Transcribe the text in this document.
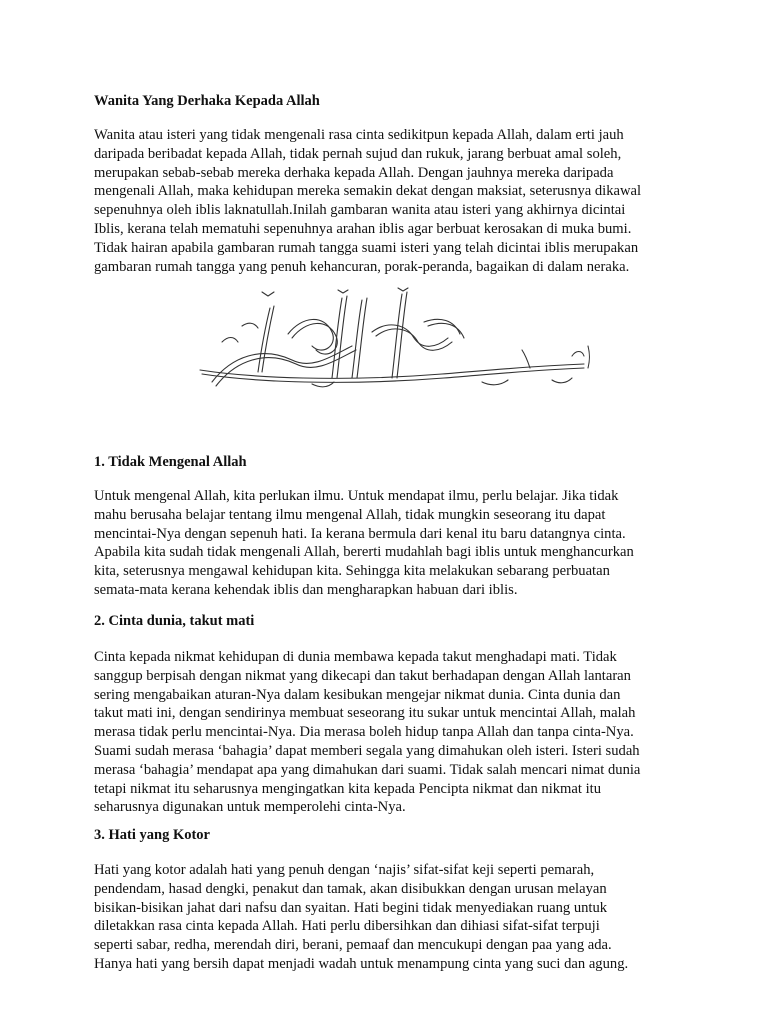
Wanita Yang Derhaka Kepada Allah

Wanita atau isteri yang tidak mengenali rasa cinta sedikitpun kepada Allah, dalam erti jauh
daripada beribadat kepada Allah, tidak pernah sujud dan rukuk, jarang berbuat amal soleh,
merupakan sebab-sebab mereka derhaka kepada Allah. Dengan jauhnya mereka daripada
mengenali Allah, maka kehidupan mereka semakin dekat dengan maksiat, seterusnya dikawal
sepenuhnya oleh iblis laknatullah.Inilah gambaran wanita atau isteri yang akhirnya dicintai
Iblis, kerana telah mematuhi sepenuhnya arahan iblis agar berbuat kerosakan di muka bumi.
Tidak hairan apabila gambaran rumah tangga suami isteri yang telah dicintai iblis merupakan
gambaran rumah tangga yang penuh kehancuran, porak-peranda, bagaikan di dalam neraka.

1. Tidak Mengenal Allah

Untuk mengenal Allah, kita perlukan ilmu. Untuk mendapat ilmu, perlu belajar. Jika tidak
mahu berusaha belajar tentang ilmu mengenal Allah, tidak mungkin seseorang itu dapat
mencintai-Nya dengan sepenuh hati. Ia kerana bermula dari kenal itu baru datangnya cinta.
Apabila kita sudah tidak mengenali Allah, bererti mudahlah bagi iblis untuk menghancurkan
kita, seterusnya mengawal kehidupan kita. Sehingga kita melakukan sebarang perbuatan
semata-mata kerana kehendak iblis dan mengharapkan habuan dari iblis.

2. Cinta dunia, takut mati

Cinta kepada nikmat kehidupan di dunia membawa kepada takut menghadapi mati. Tidak
sanggup berpisah dengan nikmat yang dikecapi dan takut berhadapan dengan Allah lantaran
sering mengabaikan aturan-Nya dalam kesibukan mengejar nikmat dunia. Cinta dunia dan
takut mati ini, dengan sendirinya membuat seseorang itu sukar untuk mencintai Allah, malah
merasa tidak perlu mencintai-Nya. Dia merasa boleh hidup tanpa Allah dan tanpa cinta-Nya.
Suami sudah merasa ‘bahagia’ dapat memberi segala yang dimahukan oleh isteri. Isteri sudah
merasa ‘bahagia’ mendapat apa yang dimahukan dari suami. Tidak salah mencari nimat dunia
tetapi nikmat itu seharusnya mengingatkan kita kepada Pencipta nikmat dan nikmat itu
seharusnya digunakan untuk memperolehi cinta-Nya.

3. Hati yang Kotor

Hati yang kotor adalah hati yang penuh dengan ‘najis’ sifat-sifat keji seperti pemarah,
pendendam, hasad dengki, penakut dan tamak, akan disibukkan dengan urusan melayan
bisikan-bisikan jahat dari nafsu dan syaitan. Hati begini tidak menyediakan ruang untuk
diletakkan rasa cinta kepada Allah. Hati perlu dibersihkan dan dihiasi sifat-sifat terpuji
seperti sabar, redha, merendah diri, berani, pemaaf dan mencukupi dengan paa yang ada.
Hanya hati yang bersih dapat menjadi wadah untuk menampung cinta yang suci dan agung.
